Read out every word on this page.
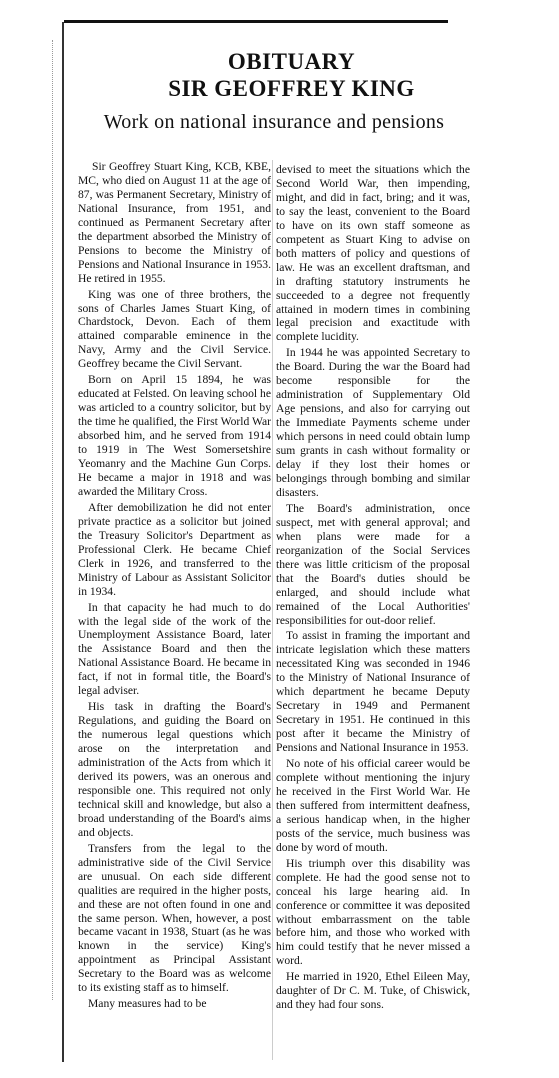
OBITUARY
SIR GEOFFREY KING
Work on national insurance and pensions

Sir Geoffrey Stuart King, KCB, KBE, MC, who died on August 11 at the age of 87, was Permanent Secretary, Ministry of National Insurance, from 1951, and continued as Permanent Secretary after the department absorbed the Ministry of Pensions to become the Ministry of Pensions and National Insurance in 1953. He retired in 1955.

King was one of three brothers, the sons of Charles James Stuart King, of Chardstock, Devon. Each of them attained comparable eminence in the Navy, Army and the Civil Service. Geoffrey became the Civil Servant.

Born on April 15 1894, he was educated at Felsted. On leaving school he was articled to a country solicitor, but by the time he qualified, the First World War absorbed him, and he served from 1914 to 1919 in The West Somersetshire Yeomanry and the Machine Gun Corps. He became a major in 1918 and was awarded the Military Cross.

After demobilization he did not enter private practice as a solicitor but joined the Treasury Solicitor's Department as Professional Clerk. He became Chief Clerk in 1926, and transferred to the Ministry of Labour as Assistant Solicitor in 1934.

In that capacity he had much to do with the legal side of the work of the Unemployment Assistance Board, later the Assistance Board and then the National Assistance Board. He became in fact, if not in formal title, the Board's legal adviser.

His task in drafting the Board's Regulations, and guiding the Board on the numerous legal questions which arose on the interpretation and administration of the Acts from which it derived its powers, was an onerous and responsible one. This required not only technical skill and knowledge, but also a broad understanding of the Board's aims and objects.

Transfers from the legal to the administrative side of the Civil Service are unusual. On each side different qualities are required in the higher posts, and these are not often found in one and the same person. When, however, a post became vacant in 1938, Stuart (as he was known in the service) King's appointment as Principal Assistant Secretary to the Board was as welcome to its existing staff as to himself.

Many measures had to be

devised to meet the situations which the Second World War, then impending, might, and did in fact, bring; and it was, to say the least, convenient to the Board to have on its own staff someone as competent as Stuart King to advise on both matters of policy and questions of law. He was an excellent draftsman, and in drafting statutory instruments he succeeded to a degree not frequently attained in modern times in combining legal precision and exactitude with complete lucidity.

In 1944 he was appointed Secretary to the Board. During the war the Board had become responsible for the administration of Supplementary Old Age pensions, and also for carrying out the Immediate Payments scheme under which persons in need could obtain lump sum grants in cash without formality or delay if they lost their homes or belongings through bombing and similar disasters.

The Board's administration, once suspect, met with general approval; and when plans were made for a reorganization of the Social Services there was little criticism of the proposal that the Board's duties should be enlarged, and should include what remained of the Local Authorities' responsibilities for out-door relief.

To assist in framing the important and intricate legislation which these matters necessitated King was seconded in 1946 to the Ministry of National Insurance of which department he became Deputy Secretary in 1949 and Permanent Secretary in 1951. He continued in this post after it became the Ministry of Pensions and National Insurance in 1953.

No note of his official career would be complete without mentioning the injury he received in the First World War. He then suffered from intermittent deafness, a serious handicap when, in the higher posts of the service, much business was done by word of mouth.

His triumph over this disability was complete. He had the good sense not to conceal his large hearing aid. In conference or committee it was deposited without embarrassment on the table before him, and those who worked with him could testify that he never missed a word.

He married in 1920, Ethel Eileen May, daughter of Dr C. M. Tuke, of Chiswick, and they had four sons.
